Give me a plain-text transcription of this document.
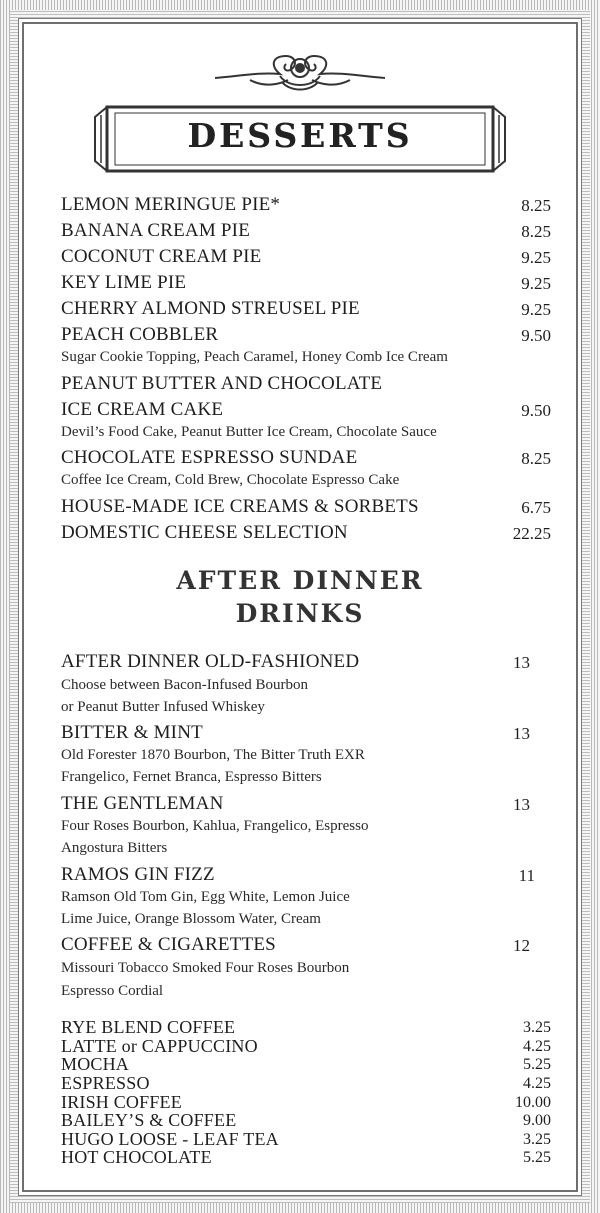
DESSERTS
LEMON MERINGUE PIE*	8.25
BANANA CREAM PIE	8.25
COCONUT CREAM PIE	9.25
KEY LIME PIE	9.25
CHERRY ALMOND STREUSEL PIE	9.25
PEACH COBBLER	9.50
Sugar Cookie Topping, Peach Caramel, Honey Comb Ice Cream
PEANUT BUTTER AND CHOCOLATE
ICE CREAM CAKE	9.50
Devil’s Food Cake, Peanut Butter Ice Cream, Chocolate Sauce
CHOCOLATE ESPRESSO SUNDAE	8.25
Coffee Ice Cream, Cold Brew, Chocolate Espresso Cake
HOUSE-MADE ICE CREAMS & SORBETS	6.75
DOMESTIC CHEESE SELECTION	22.25
AFTER DINNER
DRINKS
AFTER DINNER OLD-FASHIONED	13
Choose between Bacon-Infused Bourbon
or Peanut Butter Infused Whiskey
BITTER & MINT	13
Old Forester 1870 Bourbon, The Bitter Truth EXR
Frangelico, Fernet Branca, Espresso Bitters
THE GENTLEMAN	13
Four Roses Bourbon, Kahlua, Frangelico, Espresso
Angostura Bitters
RAMOS GIN FIZZ	11
Ramson Old Tom Gin, Egg White, Lemon Juice
Lime Juice, Orange Blossom Water, Cream
COFFEE & CIGARETTES	12
Missouri Tobacco Smoked Four Roses Bourbon
Espresso Cordial
RYE BLEND COFFEE	3.25
LATTE or CAPPUCCINO	4.25
MOCHA	5.25
ESPRESSO	4.25
IRISH COFFEE	10.00
BAILEY’S & COFFEE	9.00
HUGO LOOSE - LEAF TEA	3.25
HOT CHOCOLATE	5.25
